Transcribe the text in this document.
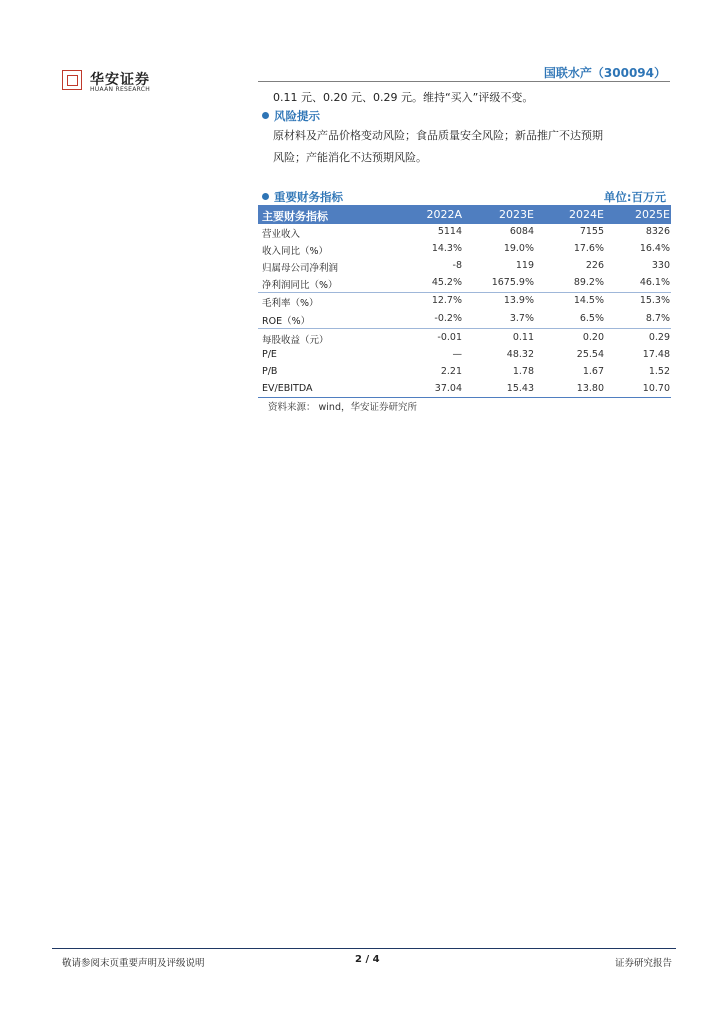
华安证券
HUAAN RESEARCH
国联水产（300094）
0.11 元、0.20 元、0.29 元。维持“买入”评级不变。
风险提示
原材料及产品价格变动风险；食品质量安全风险；新品推广不达预期
风险；产能消化不达预期风险。
重要财务指标	单位:百万元
主要财务指标	2022A	2023E	2024E	2025E
营业收入	5114	6084	7155	8326
收入同比（%）	14.3%	19.0%	17.6%	16.4%
归属母公司净利润	-8	119	226	330
净利润同比（%）	45.2%	1675.9%	89.2%	46.1%
毛利率（%）	12.7%	13.9%	14.5%	15.3%
ROE（%）	-0.2%	3.7%	6.5%	8.7%
每股收益（元）	-0.01	0.11	0.20	0.29
P/E	—	48.32	25.54	17.48
P/B	2.21	1.78	1.67	1.52
EV/EBITDA	37.04	15.43	13.80	10.70
资料来源： wind，华安证券研究所
敬请参阅末页重要声明及评级说明	2 / 4	证券研究报告
